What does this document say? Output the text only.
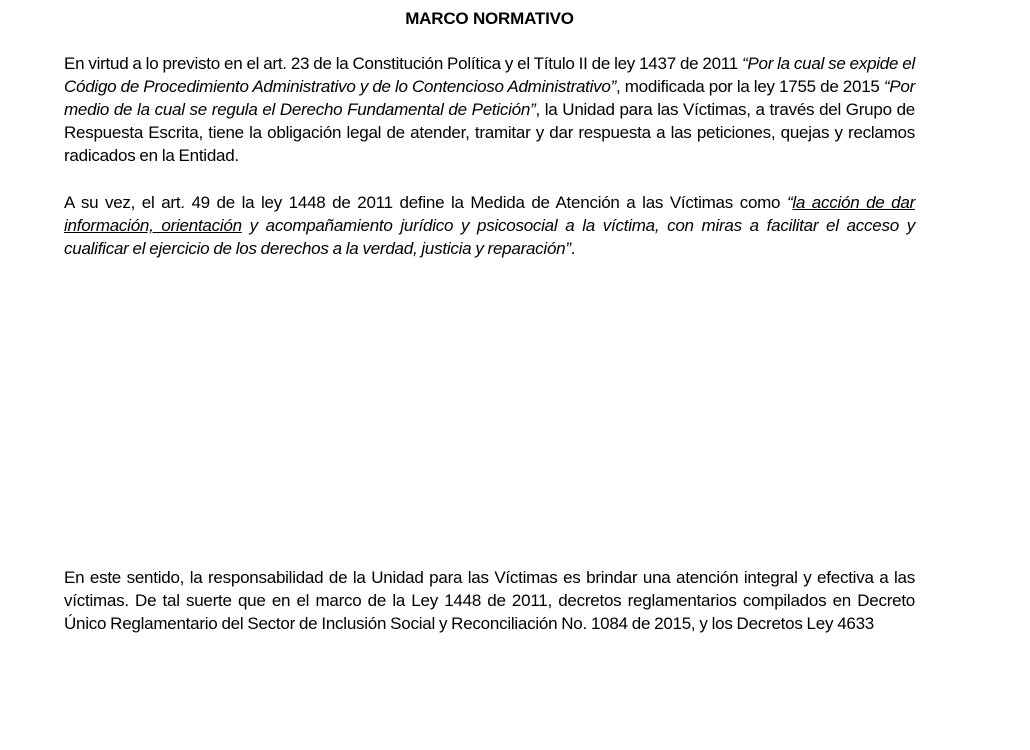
MARCO NORMATIVO

En virtud a lo previsto en el art. 23 de la Constitución Política y el Título II de ley 1437 de 2011 “Por la cual se expide el Código de Procedimiento Administrativo y de lo Contencioso Administrativo”, modificada por la ley 1755 de 2015 “Por medio de la cual se regula el Derecho Fundamental de Petición”, la Unidad para las Víctimas, a través del Grupo de Respuesta Escrita, tiene la obligación legal de atender, tramitar y dar respuesta a las peticiones, quejas y reclamos radicados en la Entidad.

A su vez, el art. 49 de la ley 1448 de 2011 define la Medida de Atención a las Víctimas como “la acción de dar información, orientación y acompañamiento jurídico y psicosocial a la víctima, con miras a facilitar el acceso y cualificar el ejercicio de los derechos a la verdad, justicia y reparación”.

En este sentido, la responsabilidad de la Unidad para las Víctimas es brindar una atención integral y efectiva a las víctimas. De tal suerte que en el marco de la Ley 1448 de 2011, decretos reglamentarios compilados en Decreto Único Reglamentario del Sector de Inclusión Social y Reconciliación No. 1084 de 2015, y los Decretos Ley 4633
